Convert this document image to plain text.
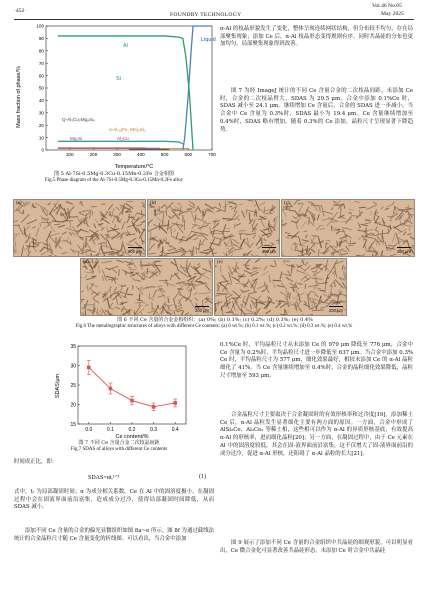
·452·
FOUNDRY TECHNOLOGY
Vol.46 No.05
May 2025
0
10
20
30
40
50
60
70
80
90
100
100	200	300	400	500	600	700
Mass fraction of phase/%
Temperature/°C
Liquid
Al
Si
Q-Al₅Cu₂Mg₈Si₆
α-Al₁₅(Fe, Mn)₃Si₂
Mg₂Si	Al₂Cu
图 5 Al-7Si-0.5Mg-0.3Cu-0.15Mn-0.2Fe 合金相图
Fig.5 Phase diagram of the Al-7Si-0.5Mg-0.3Cu-0.15Mn-0.2Fe alloy
α-Al 的枝晶形貌发生了变化，整体呈现连续网状结构，但分布较不均匀，存在局部聚集现象；添加 Ce 后，α-Al 枝晶形态变得规则有序。同时共晶硅的分布也更加均匀，局部聚集现象得到改善。
图 7 为经 ImageJ 统计的不同 Ce 含量合金的二次枝晶间距。未添加 Ce 时，合金的二次枝晶臂大，SDAS 为 29.5 μm。合金中添加 0.1%Ce 时，SDAS 减小至 24.1 μm。继续增加 Ce 含量后，合金的 SDAS 进一步减小，当合金中 Ce 含量为 0.3%时，SDAS 最小为 19.4 μm。Ce 含量继续增加至 0.4%时，SDAS 略有增加。随着 0.3%的 Ce 添加，晶粒尺寸呈现显著下降趋势。
(a)
200 μm
(b)
200 μm
(c)
200 μm
(d)
200 μm
(e)
200 μm
图 6 不同 Ce 含量的合金金相组织：(a) 0%; (b) 0.1%; (c) 0.2%; (d) 0.3%; (e) 0.4%
Fig.6 The metallographic structures of alloys with different Ce contents: (a) 0 wt.%; (b) 0.1 wt.%; (c) 0.2 wt.%; (d) 0.3 wt.%; (e) 0.4 wt.%
15
20
25
30
35
0.0	0.1	0.2	0.3	0.4
SDAS/μm
Ce content/%
图 7 不同 Ce 含量合金二次枝晶间距
Fig.7 SDAS of alloys with different Ce contents
时间成正比，即：
SDAS=αtᵣ¹ᐟ³	(1)
式中，tᵣ 为局部凝固时间；α 为成分相关系数。Ce 在 Al 中的固溶度极小，在凝固过程中会在固液界面前沿富集，造成成分过冷，使得局部凝固时间降低，从而 SDAS 减小。
添加不同 Ce 含量的合金的偏光显微组织如图 8a~e 所示。图 8f 为通过截线法统计的合金晶粒尺寸随 Ce 含量变化的折线图。可以看出，当合金中添加
0.1%Ce 时，平均晶粒尺寸从未添加 Ce 的 979 μm 降低至 776 μm，合金中 Ce 含量为 0.2%时，平均晶粒尺寸进一步降低至 637 μm。当合金中添加 0.3% Ce 时，平均晶粒尺寸为 577 μm，细化效果最好，相较未添加 Ce 的 α-Al 晶粒细化了 41%。当 Ce 含量继续增加至 0.4%时，合金的晶粒细化效果降低，晶粒尺寸增加至 593 μm。
合金晶粒尺寸主要取决于合金凝固时的有效形核率和过冷度[19]。添加稀土 Ce 后，α-Al 晶粒发生显著细化主要有两方面的原因。一方面，合金中形成了 AlSi₂Ce、Al₃Ce₂ 等稀土相，这些相可以作为 α-Al 的异质形核基底，有效提高 α-Al 的形核率，进而细化晶粒[20]；另一方面，在凝固过程中，由于 Ce 元素在 Al 中的固溶度较低，其会在固-液界面前沿富集，这不仅增大了固-液界面前沿的成分过冷，促进 α-Al 形核，还阻碍了 α-Al 晶粒的长大[21]。
图 9 展示了添加不同 Ce 含量的合金组织中共晶硅的细观形貌。可以明显看出，Ce 微合金化可显著改善共晶硅形态。未添加 Ce 时合金中共晶硅
